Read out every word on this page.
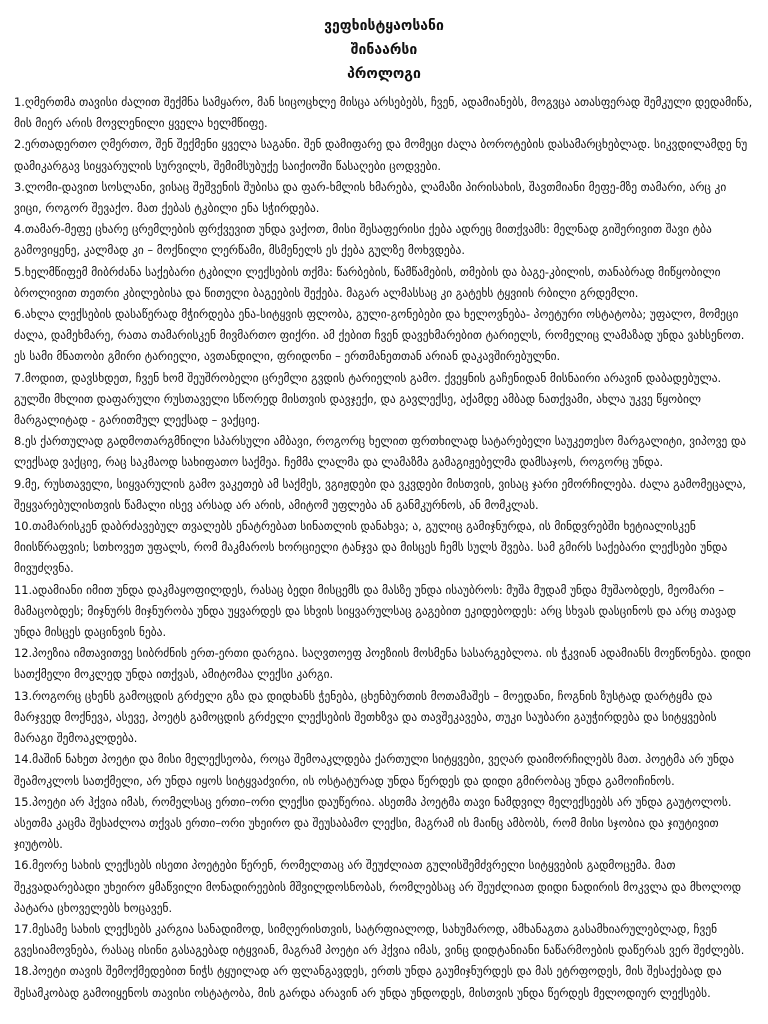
ვეფხისტყაოსანი
შინაარსი
პროლოგი

1.ღმერთმა თავისი ძალით შექმნა სამყარო, მან სიცოცხლე მისცა არსებებს, ჩვენ, ადამიანებს, მოგვცა ათასფერად შემკული დედამიწა, მის მიერ არის მოვლენილი ყველა ხელმწიფე.

2.ერთადერთო ღმერთო, შენ შექმენი ყველა საგანი. შენ დამიფარე და მომეცი ძალა ბოროტების დასამარცხებლად. სიკვდილამდე ნუ დამიკარგავ სიყვარულის სურვილს, შემიმსუბუქე საიქიოში წასაღები ცოდვები.

3.ლომი-დავით სოსლანი, ვისაც შეშვენის შუბისა და ფარ-ხმლის ხმარება, ლამაზი პირისახის, შავთმიანი მეფე-მზე თამარი, არც კი ვიცი, როგორ შევაქო. მათ ქებას ტკბილი ენა სჭირდება.

4.თამარ-მეფე ცხარე ცრემლების ფრქვევით უნდა ვაქოთ, მისი შესაფერისი ქება ადრეც მითქვამს: მელნად გიშერივით შავი ტბა გამოვიყენე, კალმად კი – მოქნილი ლერწამი, მსმენელს ეს ქება გულზე მოხვდება.

5.ხელმწიფემ მიბრძანა საქებარი ტკბილი ლექსების თქმა: წარბების, წამწამების, თმების და ბაგე-კბილის, თანაბრად მიწყობილი ბროლივით თეთრი კბილებისა და წითელი ბაგეების შექება. მაგარ ალმასსაც კი გატეხს ტყვიის რბილი გრდემლი.

6.ახლა ლექსების დასაწერად მჭირდება ენა-სიტყვის ფლობა, გული-გონებები და ხელოვნება- პოეტური ოსტატობა; უფალო, მომეცი ძალა, დამეხმარე, რათა თამარისკენ მივმართო ფიქრი. ამ ქებით ჩვენ დავეხმარებით ტარიელს, რომელიც ლამაზად უნდა ვახსენოთ. ეს სამი მნათობი გმირი ტარიელი, ავთანდილი, ფრიდონი – ერთმანეთთან არიან დაკავშირებულნი.

7.მოდით, დავსხდეთ, ჩვენ ხომ შეუშრობელი ცრემლი გვდის ტარიელის გამო. ქვეყნის გაჩენიდან მისნაირი არავინ დაბადებულა. გულში მხლით დაფარული რუსთაველი სწორედ მისთვის დავჯექი, და გავლექსე, აქამდე ამბად ნათქვამი, ახლა უკვე წყობილ მარგალიტად - გარითმულ ლექსად – ვაქციე.

8.ეს ქართულად გადმოთარგმნილი სპარსული ამბავი, როგორც ხელით ფრთხილად სატარებელი საუკეთესო მარგალიტი, ვიპოვე და ლექსად ვაქციე, რაც საკმაოდ სახიფათო საქმეა. ჩემმა ლალმა და ლამაზმა გამაგიჟებელმა დამსაჯოს, როგორც უნდა.

9.მე, რუსთაველი, სიყვარულის გამო ვაკეთებ ამ საქმეს, ვგიჟდები და ვკვდები მისთვის, ვისაც ჯარი ემორჩილება. ძალა გამომეცალა, შეყვარებულისთვის წამალი ისევ არსად არ არის, ამიტომ უფლება ან განმკურნოს, ან მომკლას.

10.თამარისკენ დაბრძავებულ თვალებს ენატრებათ სინათლის დანახვა; ა, გულიც გამიჯნურდა, ის მინდვრებში ხეტიალისკენ მიისწრაფვის; სთხოვეთ უფალს, რომ მაკმაროს ხორციელი ტანჯვა და მისცეს ჩემს სულს შვება. სამ გმირს საქებარი ლექსები უნდა მივუძღვნა.

11.ადამიანი იმით უნდა დაკმაყოფილდეს, რასაც ბედი მისცემს და მასზე უნდა ისაუბროს: მუშა მუდამ უნდა მუშაობდეს, მეომარი – მამაცობდეს; მიჯნურს მიჯნურობა უნდა უყვარდეს და სხვის სიყვარულსაც გაგებით ეკიდებოდეს: არც სხვას დასცინოს და არც თავად უნდა მისცეს დაცინვის ნება.

12.პოეზია იმთავითვე სიბრძნის ერთ-ერთი დარგია. საღვთოეფ პოეზიის მოსმენა სასარგებლოა. ის ჭკვიან ადამიანს მოეწონება. დიდი სათქმელი მოკლედ უნდა ითქვას, ამიტომაა ლექსი კარგი.

13.როგორც ცხენს გამოცდის გრძელი გზა და დიდხანს ჭენება, ცხენბურთის მოთამაშეს – მოედანი, ჩოგნის ზუსტად დარტყმა და მარჯვედ მოქნევა, ასევე, პოეტს გამოცდის გრძელი ლექსების შეთხზვა და თავშეკავება, თუკი საუბარი გაუჭირდება და სიტყვების მარაგი შემოაკლდება.

14.მაშინ ნახეთ პოეტი და მისი მელექსეობა, როცა შემოაკლდება ქართული სიტყვები, ვეღარ დაიმორჩილებს მათ. პოეტმა არ უნდა შეამოკლოს სათქმელი, არ უნდა იყოს სიტყვაძვირი, ის ოსტატურად უნდა წერდეს და დიდი გმირობაც უნდა გამოიჩინოს.

15.პოეტი არ ჰქვია იმას, რომელსაც ერთი–ორი ლექსი დაუწერია. ასეთმა პოეტმა თავი ნამდვილ მელექსეებს არ უნდა გაუტოლოს. ასეთმა კაცმა შესაძლოა თქვას ერთი–ორი უხეირო და შეუსაბამო ლექსი, მაგრამ ის მაინც ამბობს, რომ მისი სჯობია და ჯიუტივით ჯიუტობს.

16.მეორე სახის ლექსებს ისეთი პოეტები წერენ, რომელთაც არ შეუძლიათ გულისშემძვრელი სიტყვების გადმოცემა. მათ შეკვადარებადი უხეირო ყმაწვილი მონადირეების მშვილდოსნობას, რომლებსაც არ შეუძლიათ დიდი ნადირის მოკვლა და მხოლოდ პატარა ცხოველებს ხოცავენ.

17.მესამე სახის ლექსებს კარგია სანადიმოდ, სიმღერისთვის, სატრფიალოდ, სახუმაროდ, ამხანაგთა გასამხიარულებლად, ჩვენ გვესიამოვნება, რასაც ისინი გასაგებად იტყვიან, მაგრამ პოეტი არ ჰქვია იმას, ვინც დიდტანიანი ნაწარმოების დაწერას ვერ შეძლებს.

18.პოეტი თავის შემოქმედებით ნიჭს ტყუილად არ ფლანგავდეს, ერთს უნდა გაუმიჯნურდეს და მას ეტრფოდეს, მის შესაქებად და შესამკობად გამოიყენოს თავისი ოსტატობა, მის გარდა არავინ არ უნდა უნდოდეს, მისთვის უნდა წერდეს მელოდიურ ლექსებს.
